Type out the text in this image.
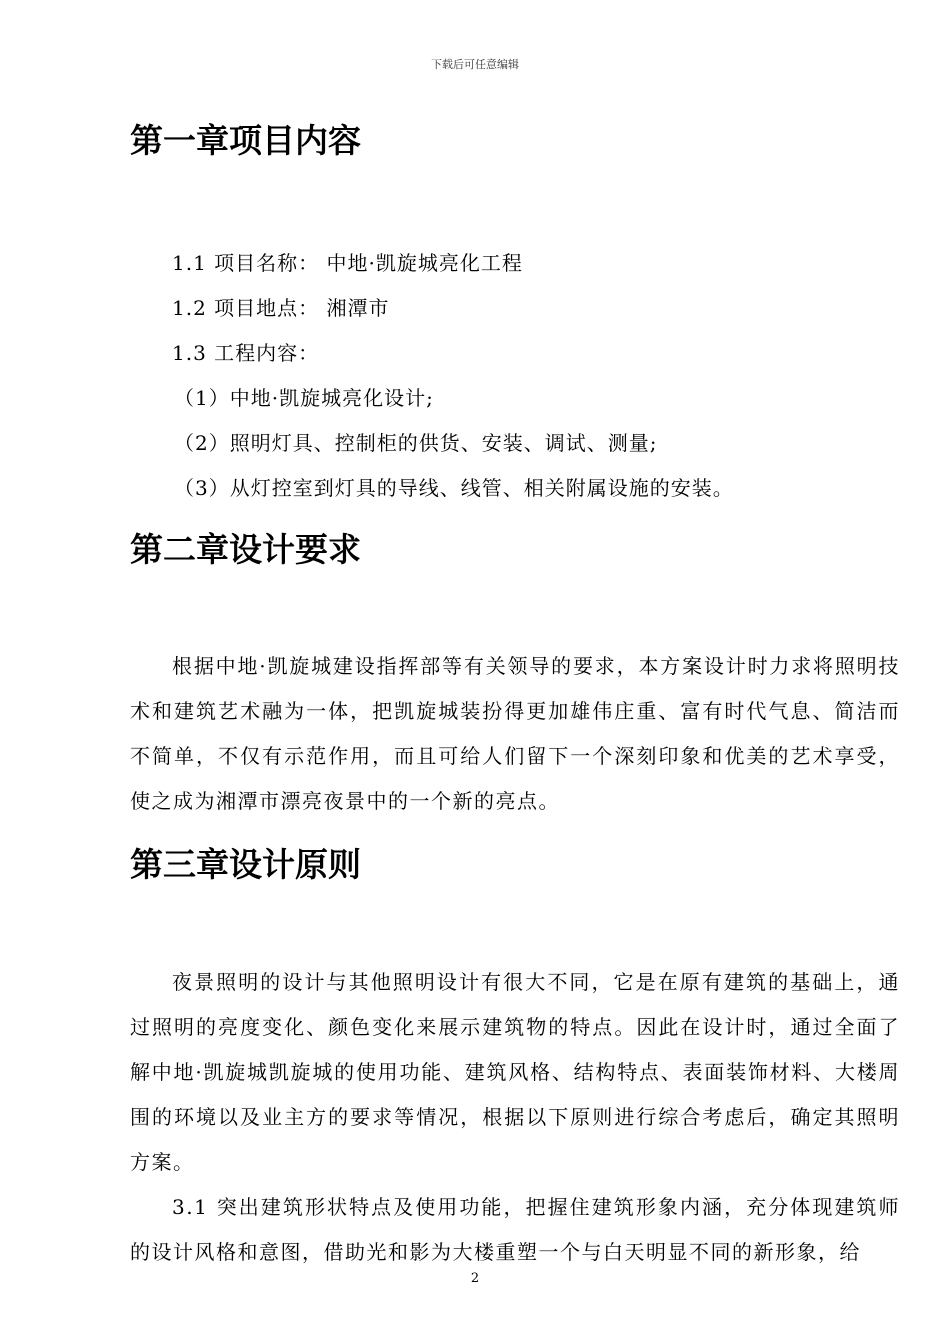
下载后可任意编辑
第一章项目内容
1.1 项目名称： 中地·凯旋城亮化工程
1.2 项目地点： 湘潭市
1.3 工程内容：
（1）中地·凯旋城亮化设计;
（2）照明灯具、控制柜的供货、安装、调试、测量;
（3）从灯控室到灯具的导线、线管、相关附属设施的安装。
第二章设计要求
根据中地·凯旋城建设指挥部等有关领导的要求，本方案设计时力求将照明技术和建筑艺术融为一体，把凯旋城装扮得更加雄伟庄重、富有时代气息、简洁而不简单，不仅有示范作用，而且可给人们留下一个深刻印象和优美的艺术享受，使之成为湘潭市漂亮夜景中的一个新的亮点。
第三章设计原则
夜景照明的设计与其他照明设计有很大不同，它是在原有建筑的基础上，通过照明的亮度变化、颜色变化来展示建筑物的特点。因此在设计时，通过全面了解中地·凯旋城凯旋城的使用功能、建筑风格、结构特点、表面装饰材料、大楼周围的环境以及业主方的要求等情况，根据以下原则进行综合考虑后，确定其照明方案。
3.1 突出建筑形状特点及使用功能，把握住建筑形象内涵，充分体现建筑师的设计风格和意图，借助光和影为大楼重塑一个与白天明显不同的新形象，给
2
